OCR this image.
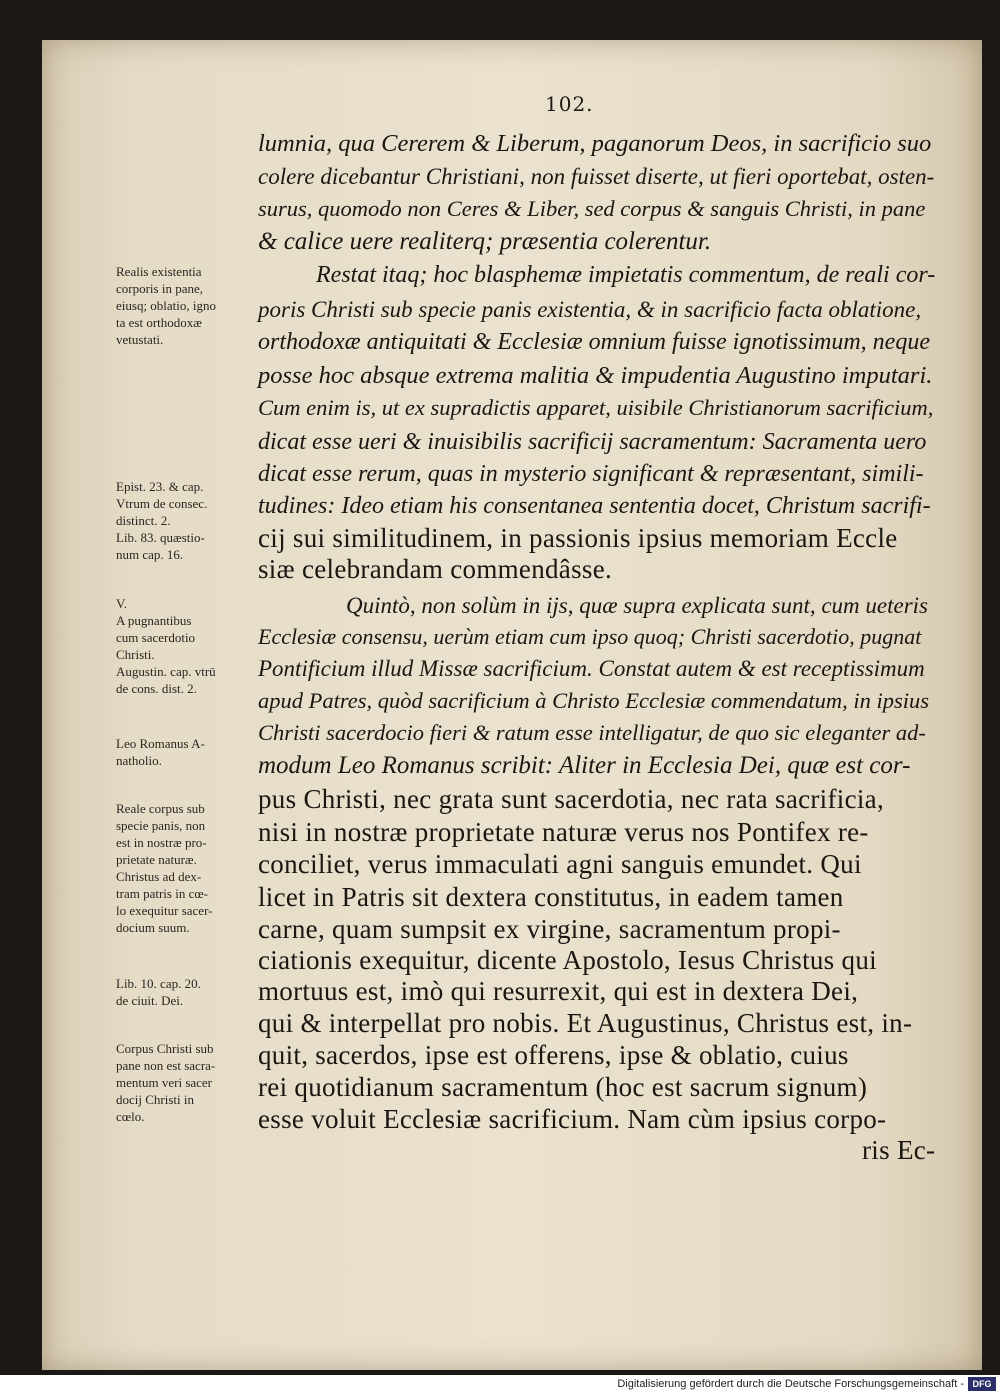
102.

lumnia, qua Cererem & Liberum, paganorum Deos, in sacrificio suo

colere dicebantur Christiani, non fuisset diserte, ut fieri oportebat, osten-

surus, quomodo non Ceres & Liber, sed corpus & sanguis Christi, in pane

& calice uere realiterq; præsentia colerentur.

Restat itaq; hoc blasphemæ impietatis commentum, de reali cor-

poris Christi sub specie panis existentia, & in sacrificio facta oblatione,

orthodoxæ antiquitati & Ecclesiæ omnium fuisse ignotissimum, neque

posse hoc absque extrema malitia & impudentia Augustino imputari.

Cum enim is, ut ex supradictis apparet, uisibile Christianorum sacrificium,

dicat esse ueri & inuisibilis sacrificij sacramentum: Sacramenta uero

dicat esse rerum, quas in mysterio significant & repræsentant, simili-

tudines: Ideo etiam his consentanea sententia docet, Christum sacrifi-

cij sui similitudinem, in passionis ipsius memoriam Eccle

siæ celebrandam commendâsse.

Quintò, non solùm in ijs, quæ supra explicata sunt, cum ueteris

Ecclesiæ consensu, uerùm etiam cum ipso quoq; Christi sacerdotio, pugnat

Pontificium illud Missæ sacrificium. Constat autem & est receptissimum

apud Patres, quòd sacrificium à Christo Ecclesiæ commendatum, in ipsius

Christi sacerdocio fieri & ratum esse intelligatur, de quo sic eleganter ad-

modum Leo Romanus scribit: Aliter in Ecclesia Dei, quæ est cor-

pus Christi, nec grata sunt sacerdotia, nec rata sacrificia,

nisi in nostræ proprietate naturæ verus nos Pontifex re-

conciliet, verus immaculati agni sanguis emundet. Qui

licet in Patris sit dextera constitutus, in eadem tamen

carne, quam sumpsit ex virgine, sacramentum propi-

ciationis exequitur, dicente Apostolo, Iesus Christus qui

mortuus est, imò qui resurrexit, qui est in dextera Dei,

qui & interpellat pro nobis. Et Augustinus, Christus est, in-

quit, sacerdos, ipse est offerens, ipse & oblatio, cuius

rei quotidianum sacramentum (hoc est sacrum signum)

esse voluit Ecclesiæ sacrificium. Nam cùm ipsius corpo-

ris Ec-

Realis existentia
corporis in pane,
eiusq; oblatio, igno
ta est orthodoxæ
vetustati.
Epist. 23. & cap.
Vtrum de consec.
distinct. 2.
Lib. 83. quæstio-
num cap. 16.
V.
A pugnantibus
cum sacerdotio
Christi.
Augustin. cap. vtrū
de cons. dist. 2.
Leo Romanus A-
natholio.
Reale corpus sub
specie panis, non
est in nostræ pro-
prietate naturæ.
Christus ad dex-
tram patris in cœ-
lo exequitur sacer-
docium suum.
Lib. 10. cap. 20.
de ciuit. Dei.
Corpus Christi sub
pane non est sacra-
mentum veri sacer
docij Christi in
cœlo.
Digitalisierung gefördert durch die Deutsche Forschungsgemeinschaft - DFG
